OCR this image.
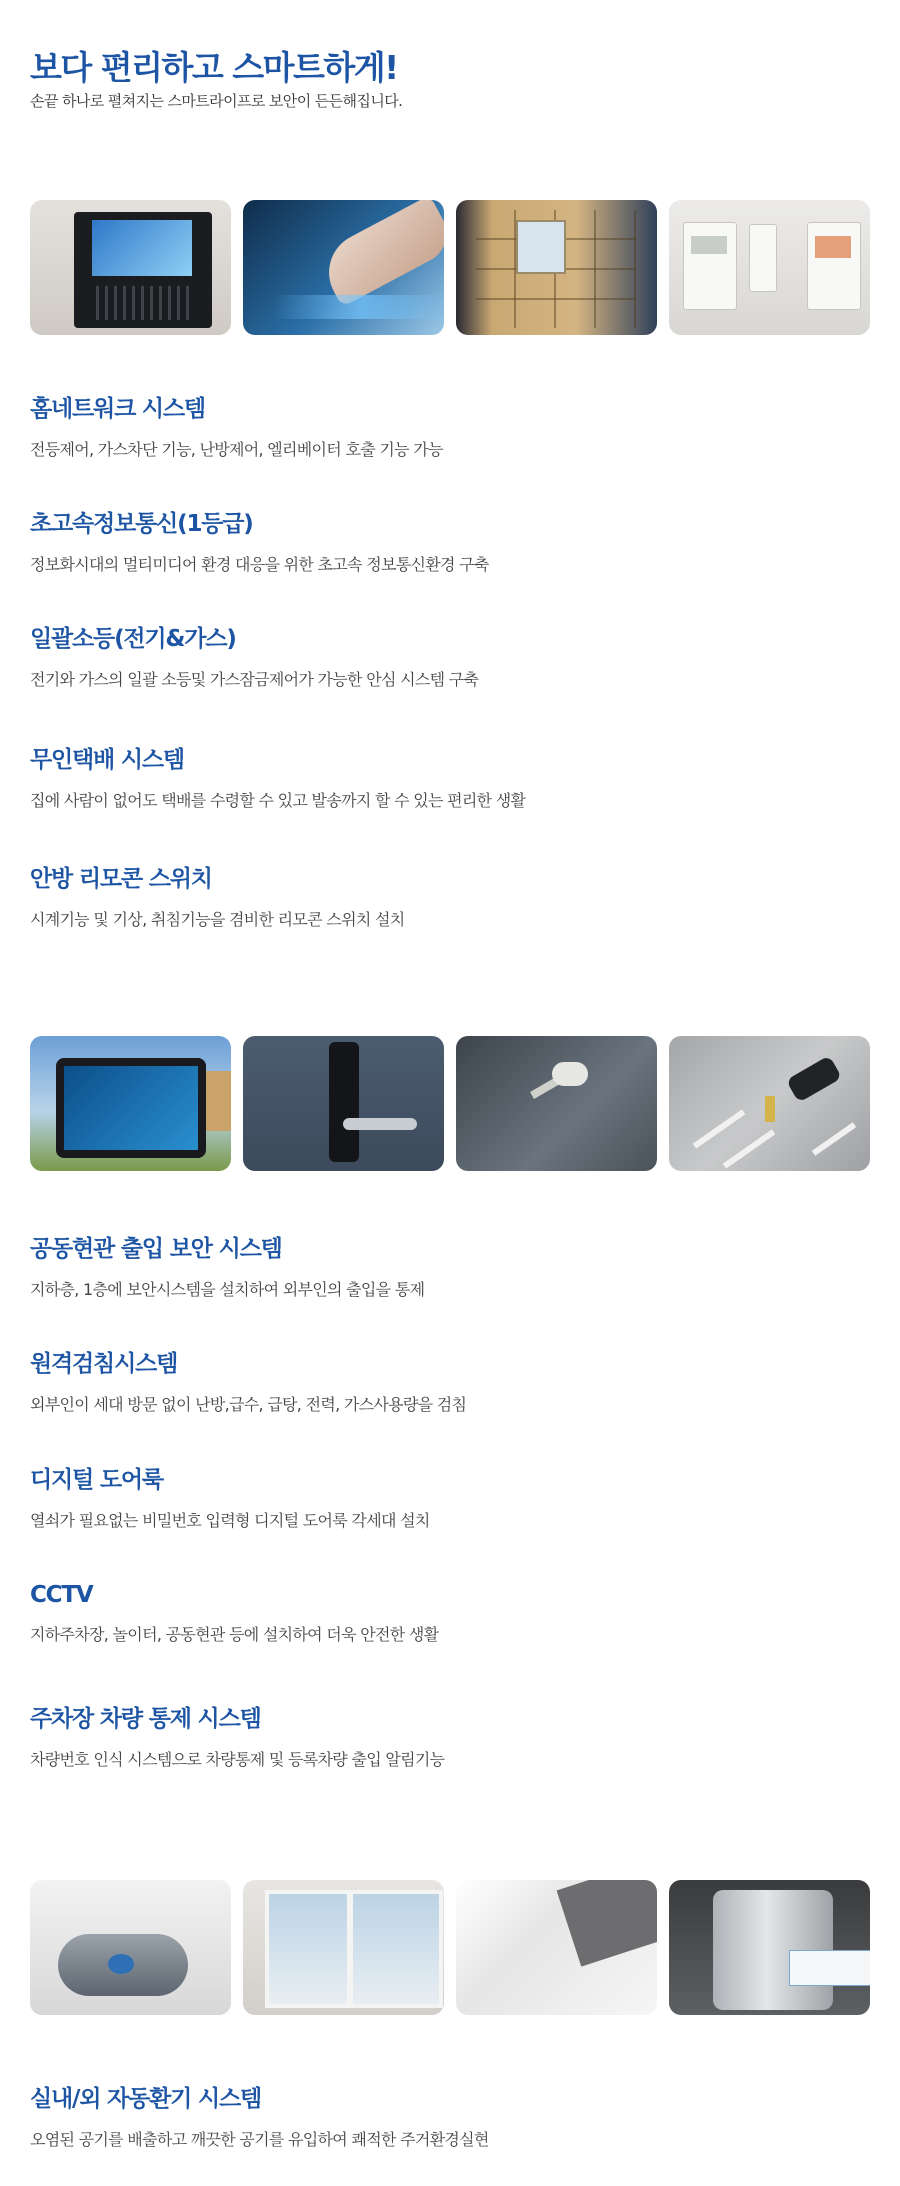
보다 편리하고 스마트하게!

손끝 하나로 펼쳐지는 스마트라이프로 보안이 든든해집니다.

홈네트워크 시스템

전등제어, 가스차단 기능, 난방제어, 엘리베이터 호출 기능 가능

초고속정보통신(1등급)

정보화시대의 멀티미디어 환경 대응을 위한 초고속 정보통신환경 구축

일괄소등(전기&가스)

전기와 가스의 일괄 소등및 가스잠금제어가 가능한 안심 시스템 구축

무인택배 시스템

집에 사람이 없어도 택배를 수령할 수 있고 발송까지 할 수 있는 편리한 생활

안방 리모콘 스위치

시계기능 및 기상, 취침기능을 겸비한 리모콘 스위치 설치

공동현관 출입 보안 시스템

지하층, 1층에 보안시스템을 설치하여 외부인의 출입을 통제

원격검침시스템

외부인이 세대 방문 없이 난방,급수, 급탕, 전력, 가스사용량을 검침

디지털 도어룩

열쇠가 필요없는 비밀번호 입력형 디지털 도어룩 각세대 설치

CCTV

지하주차장, 놀이터, 공동현관 등에 설치하여 더욱 안전한 생활

주차장 차량 통제 시스템

차량번호 인식 시스템으로 차량통제 및 등록차량 출입 알림기능

실내/외 자동환기 시스템

오염된 공기를 배출하고 깨끗한 공기를 유입하여 쾌적한 주거환경실현
